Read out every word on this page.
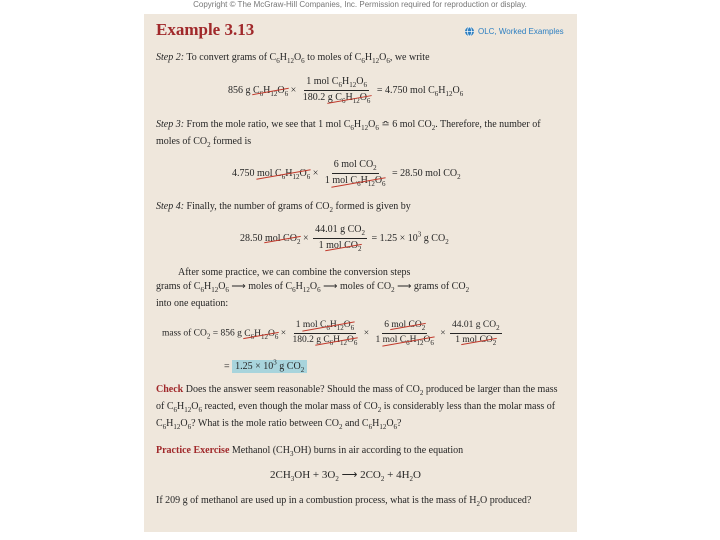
Copyright © The McGraw-Hill Companies, Inc. Permission required for reproduction or display.
Example 3.13	OLC, Worked Examples
Step 2: To convert grams of $C_6H_{12}O_6$ to moles of $C_6H_{12}O_6$, we write
856 g $C_6H_{12}O_6 \times \frac{1 mol C_6H_{12}O_6}{180.2 g C_6H_{12}O_6} = 4.750$ mol $C_6H_{12}O_6$
Step 3: From the mole ratio, we see that 1 mol $C_6H_{12}O_6$ ≏ 6 mol $CO_2$. Therefore, the number of moles of $CO_2$ formed is
4.750 mol $C_6H_{12}O_6 \times \frac{6 mol CO_2}{1 mol C_6H_{12}O_6} = 28.50$ mol $CO_2$
Step 4: Finally, the number of grams of $CO_2$ formed is given by
28.50 mol $CO_2 \times \frac{44.01 g CO_2}{1 mol CO_2} = 1.25 \times 10^3$ g $CO_2$
After some practice, we can combine the conversion steps
grams of $C_6H_{12}O_6$ ⟶ moles of $C_6H_{12}O_6$ ⟶ moles of $CO_2$ ⟶ grams of $CO_2$
into one equation:
mass of $CO_2 = 856$ g $C_6H_{12}O_6 \times \frac{1 mol C_6H_{12}O_6}{180.2 g C_6H_{12}O_6} \times \frac{6 mol CO_2}{1 mol C_6H_{12}O_6} \times \frac{44.01 g CO_2}{1 mol CO_2}$
= $1.25 \times 10^3$ g $CO_2$
Check Does the answer seem reasonable? Should the mass of $CO_2$ produced be larger than the mass of $C_6H_{12}O_6$ reacted, even though the molar mass of $CO_2$ is considerably less than the molar mass of $C_6H_{12}O_6$? What is the mole ratio between $CO_2$ and $C_6H_{12}O_6$?
Practice Exercise Methanol $(CH_3OH)$ burns in air according to the equation
$2CH_3OH + 3O_2$ ⟶ $2CO_2 + 4H_2O$
If 209 g of methanol are used up in a combustion process, what is the mass of $H_2O$ produced?
